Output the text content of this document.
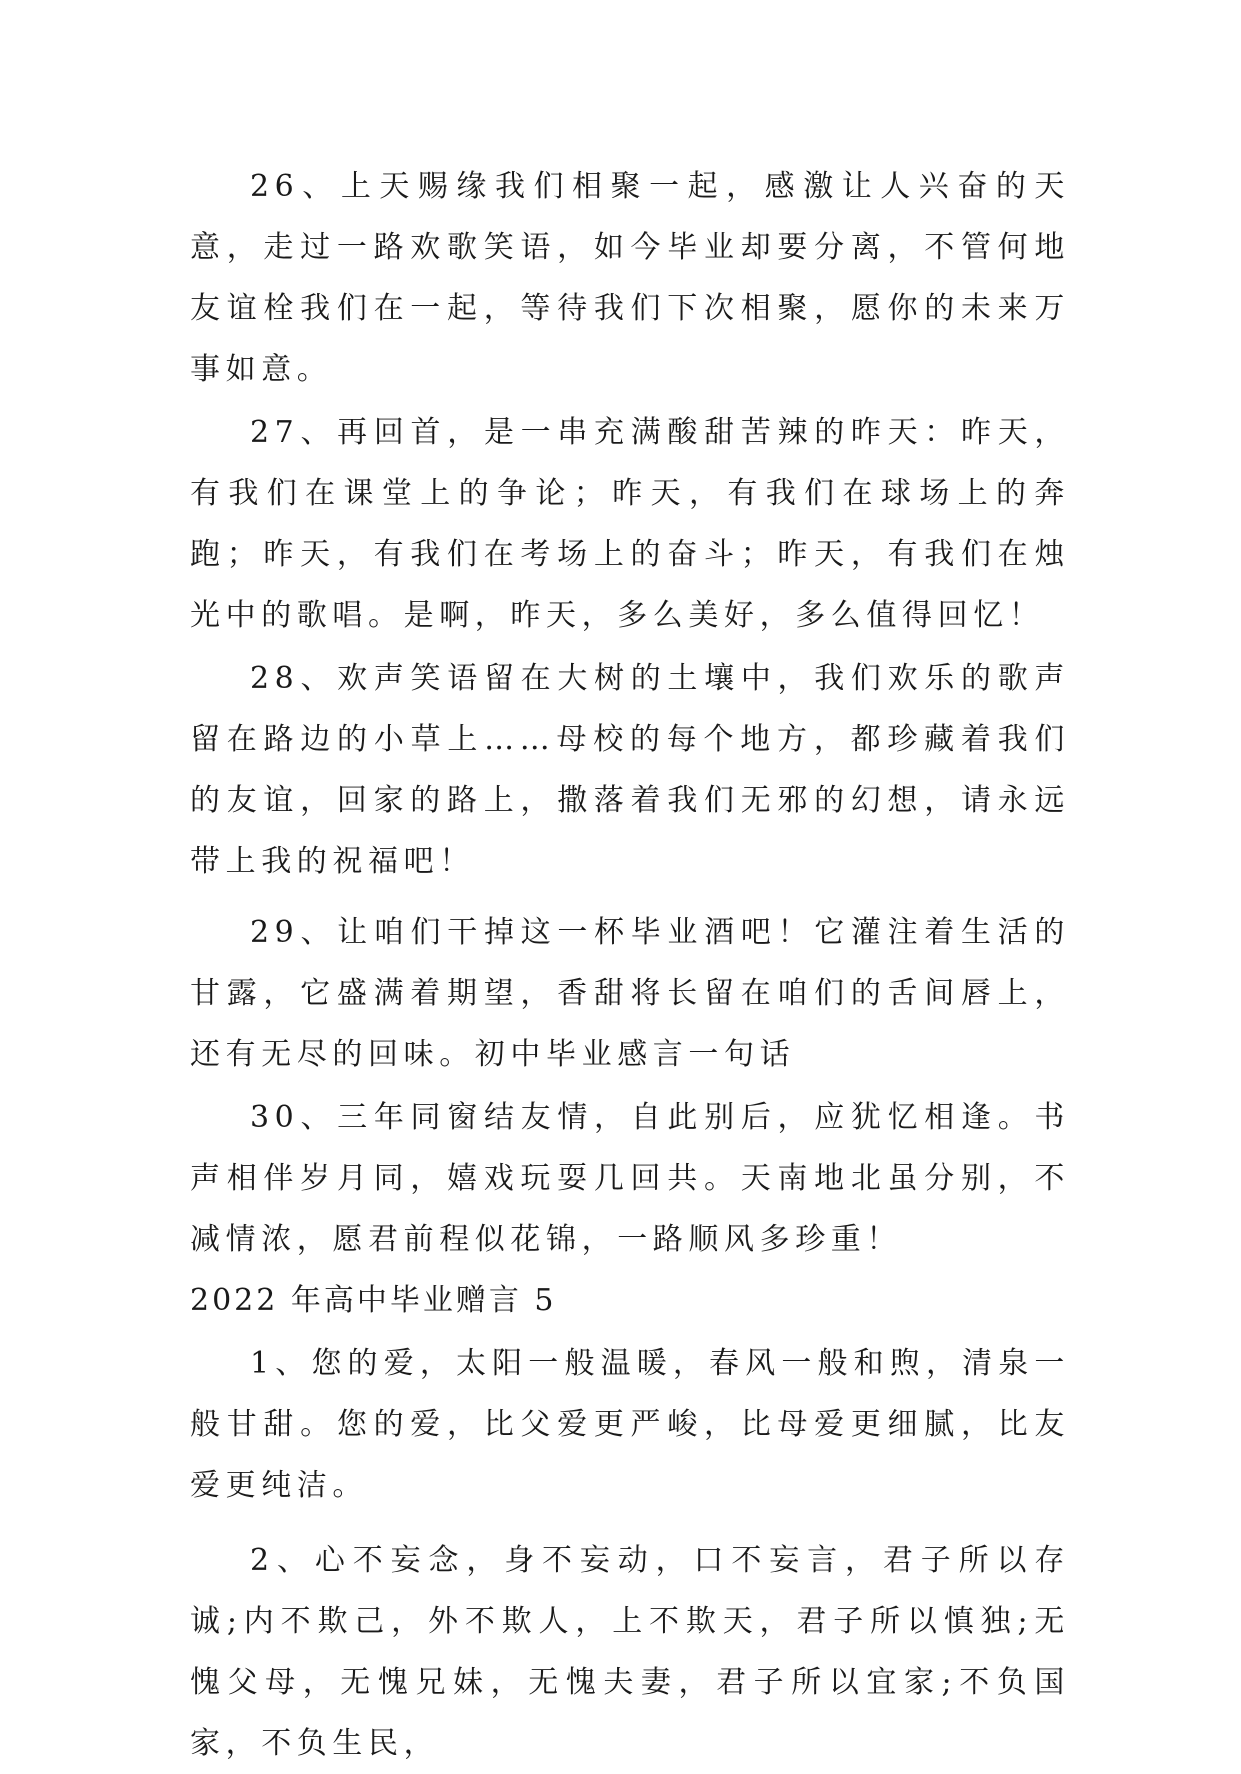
26、上天赐缘我们相聚一起，感激让人兴奋的天意，走过一路欢歌笑语，如今毕业却要分离，不管何地友谊栓我们在一起，等待我们下次相聚，愿你的未来万事如意。

27、再回首，是一串充满酸甜苦辣的昨天：昨天，有我们在课堂上的争论；昨天，有我们在球场上的奔跑；昨天，有我们在考场上的奋斗；昨天，有我们在烛光中的歌唱。是啊，昨天，多么美好，多么值得回忆！

28、欢声笑语留在大树的土壤中，我们欢乐的歌声留在路边的小草上……母校的每个地方，都珍藏着我们的友谊，回家的路上，撒落着我们无邪的幻想，请永远带上我的祝福吧！

29、让咱们干掉这一杯毕业酒吧！它灌注着生活的甘露，它盛满着期望，香甜将长留在咱们的舌间唇上，还有无尽的回味。初中毕业感言一句话

30、三年同窗结友情，自此别后，应犹忆相逢。书声相伴岁月同，嬉戏玩耍几回共。天南地北虽分别，不减情浓，愿君前程似花锦，一路顺风多珍重！

2022 年高中毕业赠言 5

1、您的爱，太阳一般温暖，春风一般和煦，清泉一般甘甜。您的爱，比父爱更严峻，比母爱更细腻，比友爱更纯洁。

2、心不妄念，身不妄动，口不妄言，君子所以存诚;内不欺己，外不欺人，上不欺天，君子所以慎独;无愧父母，无愧兄妹，无愧夫妻，君子所以宜家;不负国家，不负生民，
